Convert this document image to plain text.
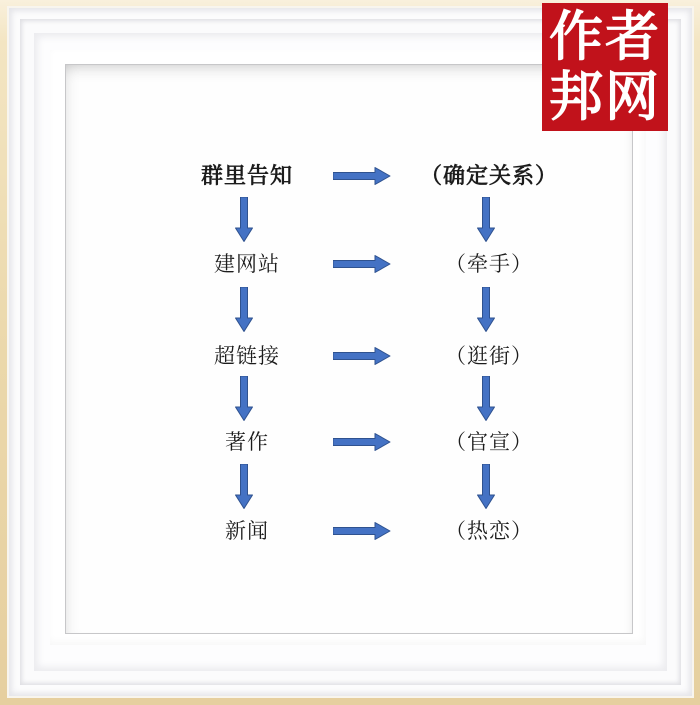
群里告知	（确定关系）
建网站	（牵手）
超链接	（逛街）
著作	（官宣）
新闻	（热恋）
作者
邦网
